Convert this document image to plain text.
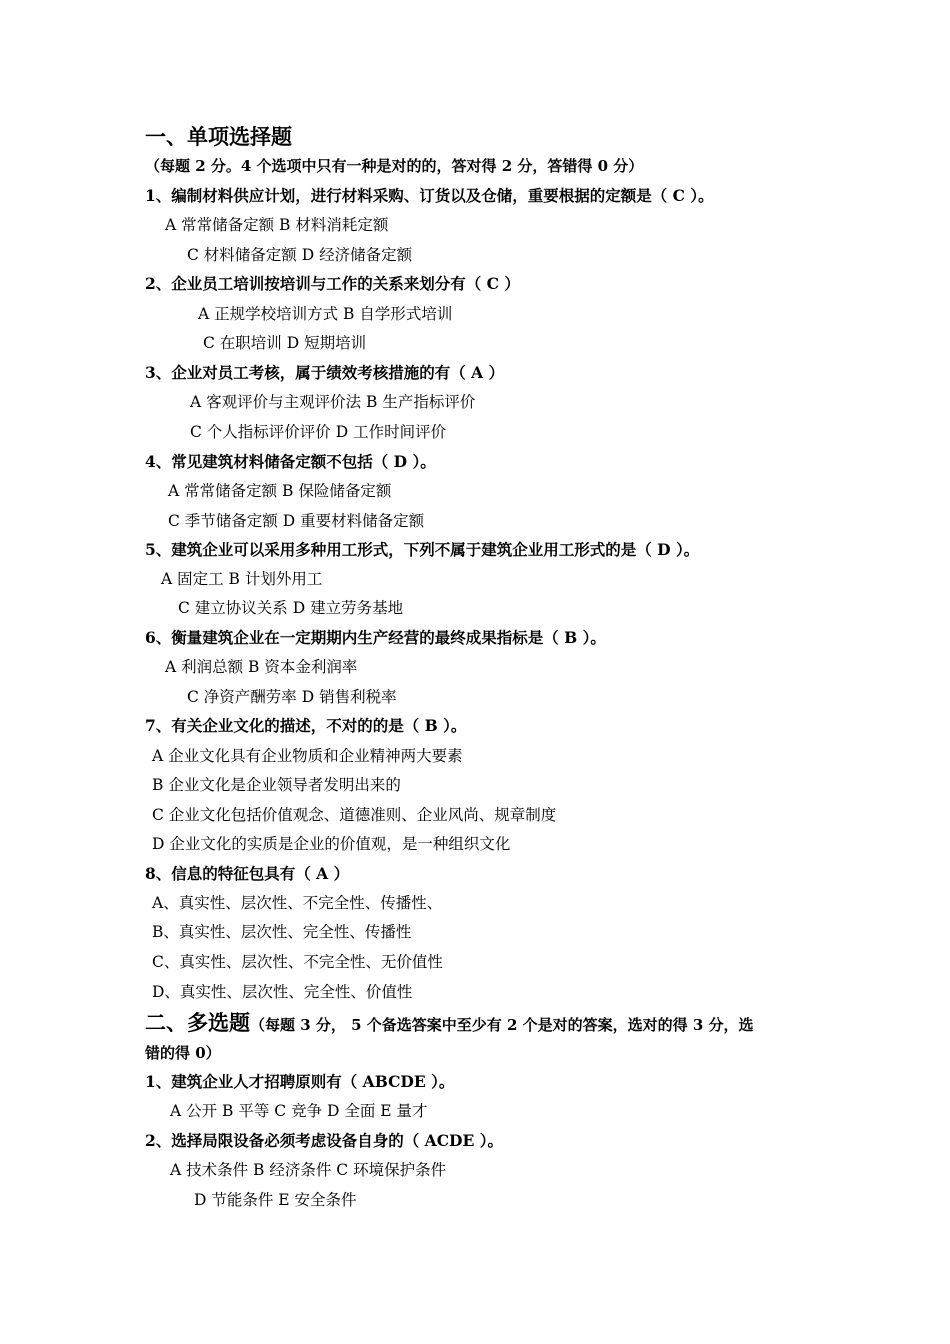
一、单项选择题
（每题 2 分。4 个选项中只有一种是对的的，答对得 2 分，答错得 0 分）
1、编制材料供应计划，进行材料采购、订货以及仓储，重要根据的定额是（ C ）。
A 常常储备定额 B 材料消耗定额
C 材料储备定额 D 经济储备定额
2、企业员工培训按培训与工作的关系来划分有（ C ）
A 正规学校培训方式 B 自学形式培训
C 在职培训 D 短期培训
3、企业对员工考核，属于绩效考核措施的有（ A ）
A 客观评价与主观评价法 B 生产指标评价
C 个人指标评价评价 D 工作时间评价
4、常见建筑材料储备定额不包括（ D ）。
A 常常储备定额 B 保险储备定额
C 季节储备定额 D 重要材料储备定额
5、建筑企业可以采用多种用工形式，下列不属于建筑企业用工形式的是（ D ）。
A 固定工 B 计划外用工
C 建立协议关系 D 建立劳务基地
6、衡量建筑企业在一定期期内生产经营的最终成果指标是（ B ）。
A 利润总额 B 资本金利润率
C 净资产酬劳率 D 销售利税率
7、有关企业文化的描述，不对的的是（ B ）。
A 企业文化具有企业物质和企业精神两大要素
B 企业文化是企业领导者发明出来的
C 企业文化包括价值观念、道德准则、企业风尚、规章制度
D 企业文化的实质是企业的价值观，是一种组织文化
8、信息的特征包具有（ A ）
A、真实性、层次性、不完全性、传播性、
B、真实性、层次性、完全性、传播性
C、真实性、层次性、不完全性、无价值性
D、真实性、层次性、完全性、价值性
二、多选题（每题 3 分， 5 个备选答案中至少有 2 个是对的答案，选对的得 3 分，选
错的得 0）
1、建筑企业人才招聘原则有（ ABCDE ）。
A 公开 B 平等 C 竞争 D 全面 E 量才
2、选择局限设备必须考虑设备自身的（ ACDE ）。
A 技术条件 B 经济条件 C 环境保护条件
D 节能条件 E 安全条件
